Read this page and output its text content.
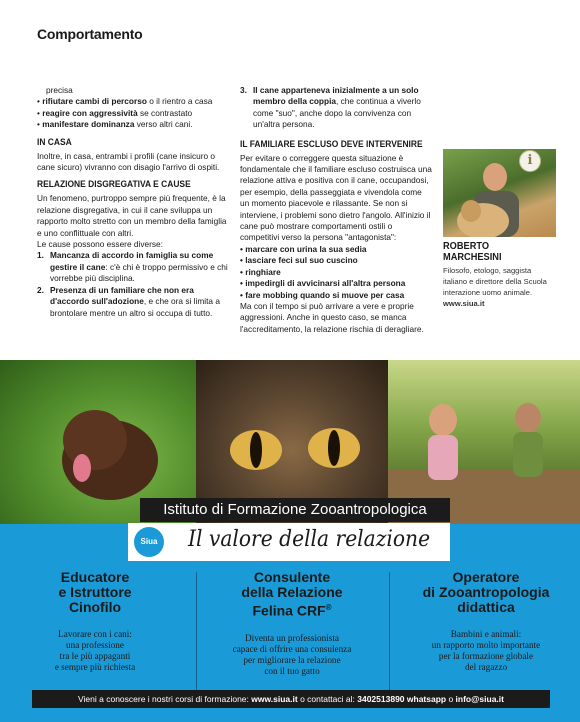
Comportamento

precisa

• rifiutare cambi di percorso o il rientro a casa

• reagire con aggressività se contrastato

• manifestare dominanza verso altri cani.

IN CASA

Inoltre, in casa, entrambi i profili (cane insicuro o cane sicuro) vivranno con disagio l'arrivo di ospiti.

RELAZIONE DISGREGATIVA E CAUSE

Un fenomeno, purtroppo sempre più frequente, è la relazione disgregativa, in cui il cane sviluppa un rapporto molto stretto con un membro della famiglia e uno conflittuale con altri.

Le cause possono essere diverse:

1. Mancanza di accordo in famiglia su come gestire il cane: c'è chi è troppo permissivo e chi vorrebbe più disciplina.
2. Presenza di un familiare che non era d'accordo sull'adozione, e che ora si limita a brontolare mentre un altro si occupa di tutto.
3. Il cane apparteneva inizialmente a un solo membro della coppia, che continua a viverlo come "suo", anche dopo la convivenza con un'altra persona.
IL FAMILIARE ESCLUSO DEVE INTERVENIRE

Per evitare o correggere questa situazione è fondamentale che il familiare escluso costruisca una relazione attiva e positiva con il cane, occupandosi, per esempio, della passeggiata e vivendola come un momento piacevole e rilassante. Se non si interviene, i problemi sono dietro l'angolo. All'inizio il cane può mostrare comportamenti ostili o competitivi verso la persona "antagonista":

• marcare con urina la sua sedia

• lasciare feci sul suo cuscino

• ringhiare

• impedirgli di avvicinarsi all'altra persona

• fare mobbing quando si muove per casa

Ma con il tempo si può arrivare a vere e proprie aggressioni. Anche in questo caso, se manca l'accreditamento, la relazione rischia di deragliare.

i
ROBERTO
MARCHESINI
Filosofo, etologo, saggista italiano e direttore della Scuola interazione uomo animale. www.siua.it
Istituto di Formazione Zooantropologica
Siua Il valore della relazione
Educatore
e Istruttore
Cinofilo
Lavorare con i cani:
una professione
tra le più appaganti
e sempre più richiesta
Consulente
della Relazione
Felina CRF®
Diventa un professionista
capace di offrire una consulenza
per migliorare la relazione
con il tuo gatto
Operatore
di Zooantropologia
didattica
Bambini e animali:
un rapporto molto importante
per la formazione globale
del ragazzo
Vieni a conoscere i nostri corsi di formazione: www.siua.it o contattaci al: 3402513890 whatsapp o info@siua.it
